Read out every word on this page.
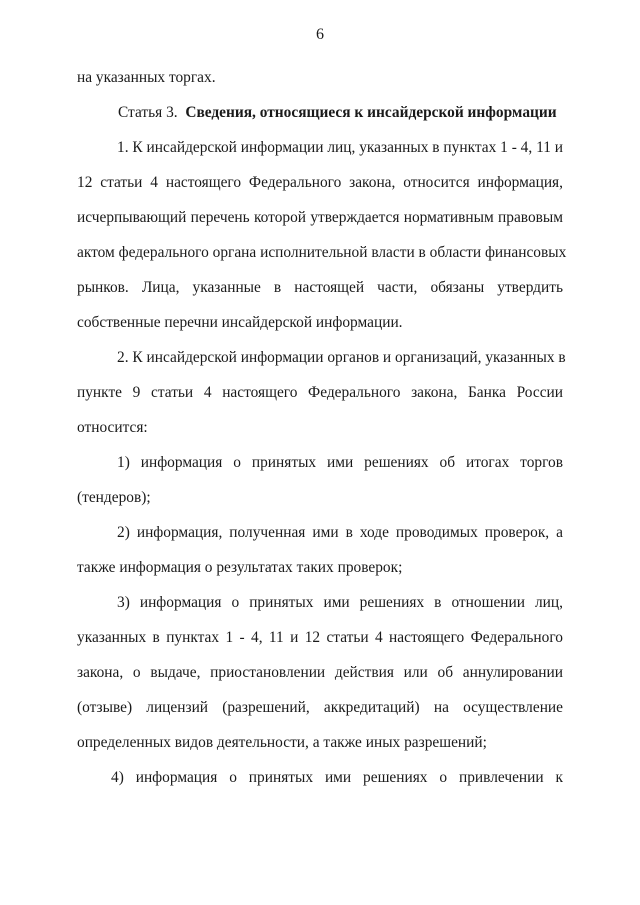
6
на указанных торгах.
Статья 3. Сведения, относящиеся к инсайдерской информации
1. К инсайдерской информации лиц, указанных в пунктах 1 - 4, 11 и
12 статьи 4 настоящего Федерального закона, относится информация,
исчерпывающий перечень которой утверждается нормативным правовым
актом федерального органа исполнительной власти в области финансовых
рынков. Лица, указанные в настоящей части, обязаны утвердить
собственные перечни инсайдерской информации.
2. К инсайдерской информации органов и организаций, указанных в
пункте 9 статьи 4 настоящего Федерального закона, Банка России
относится:
1) информация о принятых ими решениях об итогах торгов
(тендеров);
2) информация, полученная ими в ходе проводимых проверок, а
также информация о результатах таких проверок;
3) информация о принятых ими решениях в отношении лиц,
указанных в пунктах 1 - 4, 11 и 12 статьи 4 настоящего Федерального
закона, о выдаче, приостановлении действия или об аннулировании
(отзыве) лицензий (разрешений, аккредитаций) на осуществление
определенных видов деятельности, а также иных разрешений;
4) информация о принятых ими решениях о привлечении к
